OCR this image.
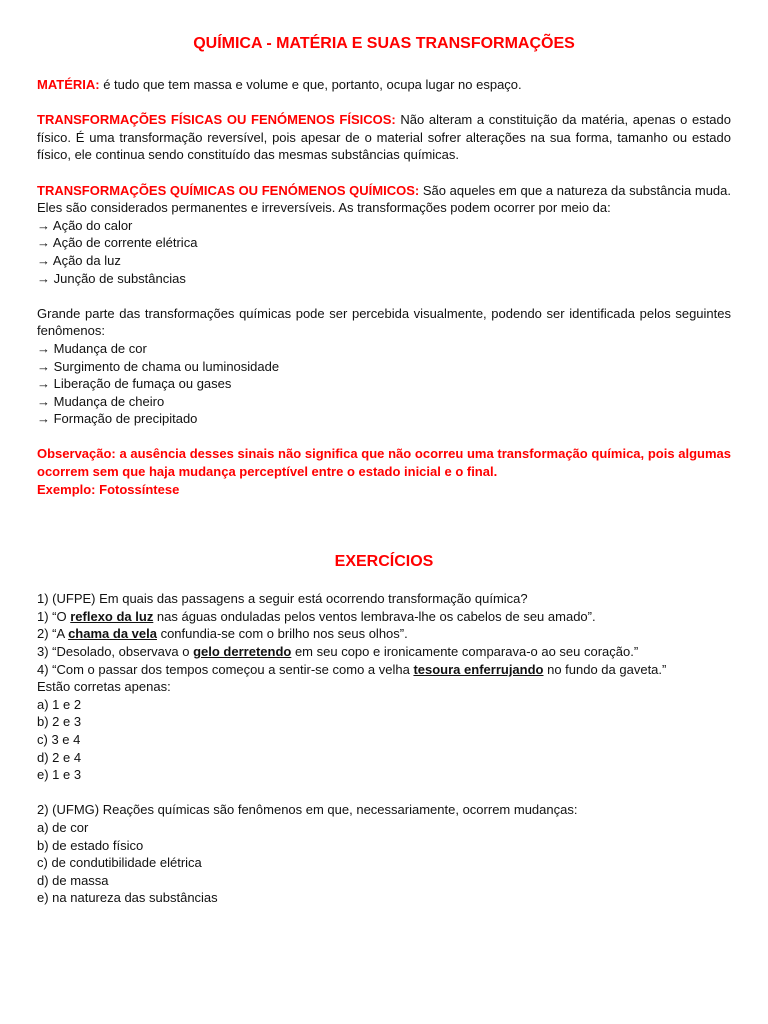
QUÍMICA - MATÉRIA E SUAS TRANSFORMAÇÕES

MATÉRIA: é tudo que tem massa e volume e que, portanto, ocupa lugar no espaço.

TRANSFORMAÇÕES FÍSICAS OU FENÓMENOS FÍSICOS: Não alteram a constituição da matéria, apenas o estado físico. É uma transformação reversível, pois apesar de o material sofrer alterações na sua forma, tamanho ou estado físico, ele continua sendo constituído das mesmas substâncias químicas.

TRANSFORMAÇÕES QUÍMICAS OU FENÓMENOS QUÍMICOS: São aqueles em que a natureza da substância muda. Eles são considerados permanentes e irreversíveis. As transformações podem ocorrer por meio da:

→ Ação do calor

→ Ação de corrente elétrica

→ Ação da luz

→ Junção de substâncias

Grande parte das transformações químicas pode ser percebida visualmente, podendo ser identificada pelos seguintes fenômenos:

→ Mudança de cor

→ Surgimento de chama ou luminosidade

→ Liberação de fumaça ou gases

→ Mudança de cheiro

→ Formação de precipitado

Observação: a ausência desses sinais não significa que não ocorreu uma transformação química, pois algumas ocorrem sem que haja mudança perceptível entre o estado inicial e o final.

Exemplo: Fotossíntese

EXERCÍCIOS

1) (UFPE) Em quais das passagens a seguir está ocorrendo transformação química?

1) “O reflexo da luz nas águas onduladas pelos ventos lembrava-lhe os cabelos de seu amado”.

2) “A chama da vela confundia-se com o brilho nos seus olhos”.

3) “Desolado, observava o gelo derretendo em seu copo e ironicamente comparava-o ao seu coração.”

4) “Com o passar dos tempos começou a sentir-se como a velha tesoura enferrujando no fundo da gaveta.”

Estão corretas apenas:

a) 1 e 2

b) 2 e 3

c) 3 e 4

d) 2 e 4

e) 1 e 3

2) (UFMG) Reações químicas são fenômenos em que, necessariamente, ocorrem mudanças:

a) de cor

b) de estado físico

c) de condutibilidade elétrica

d) de massa

e) na natureza das substâncias
